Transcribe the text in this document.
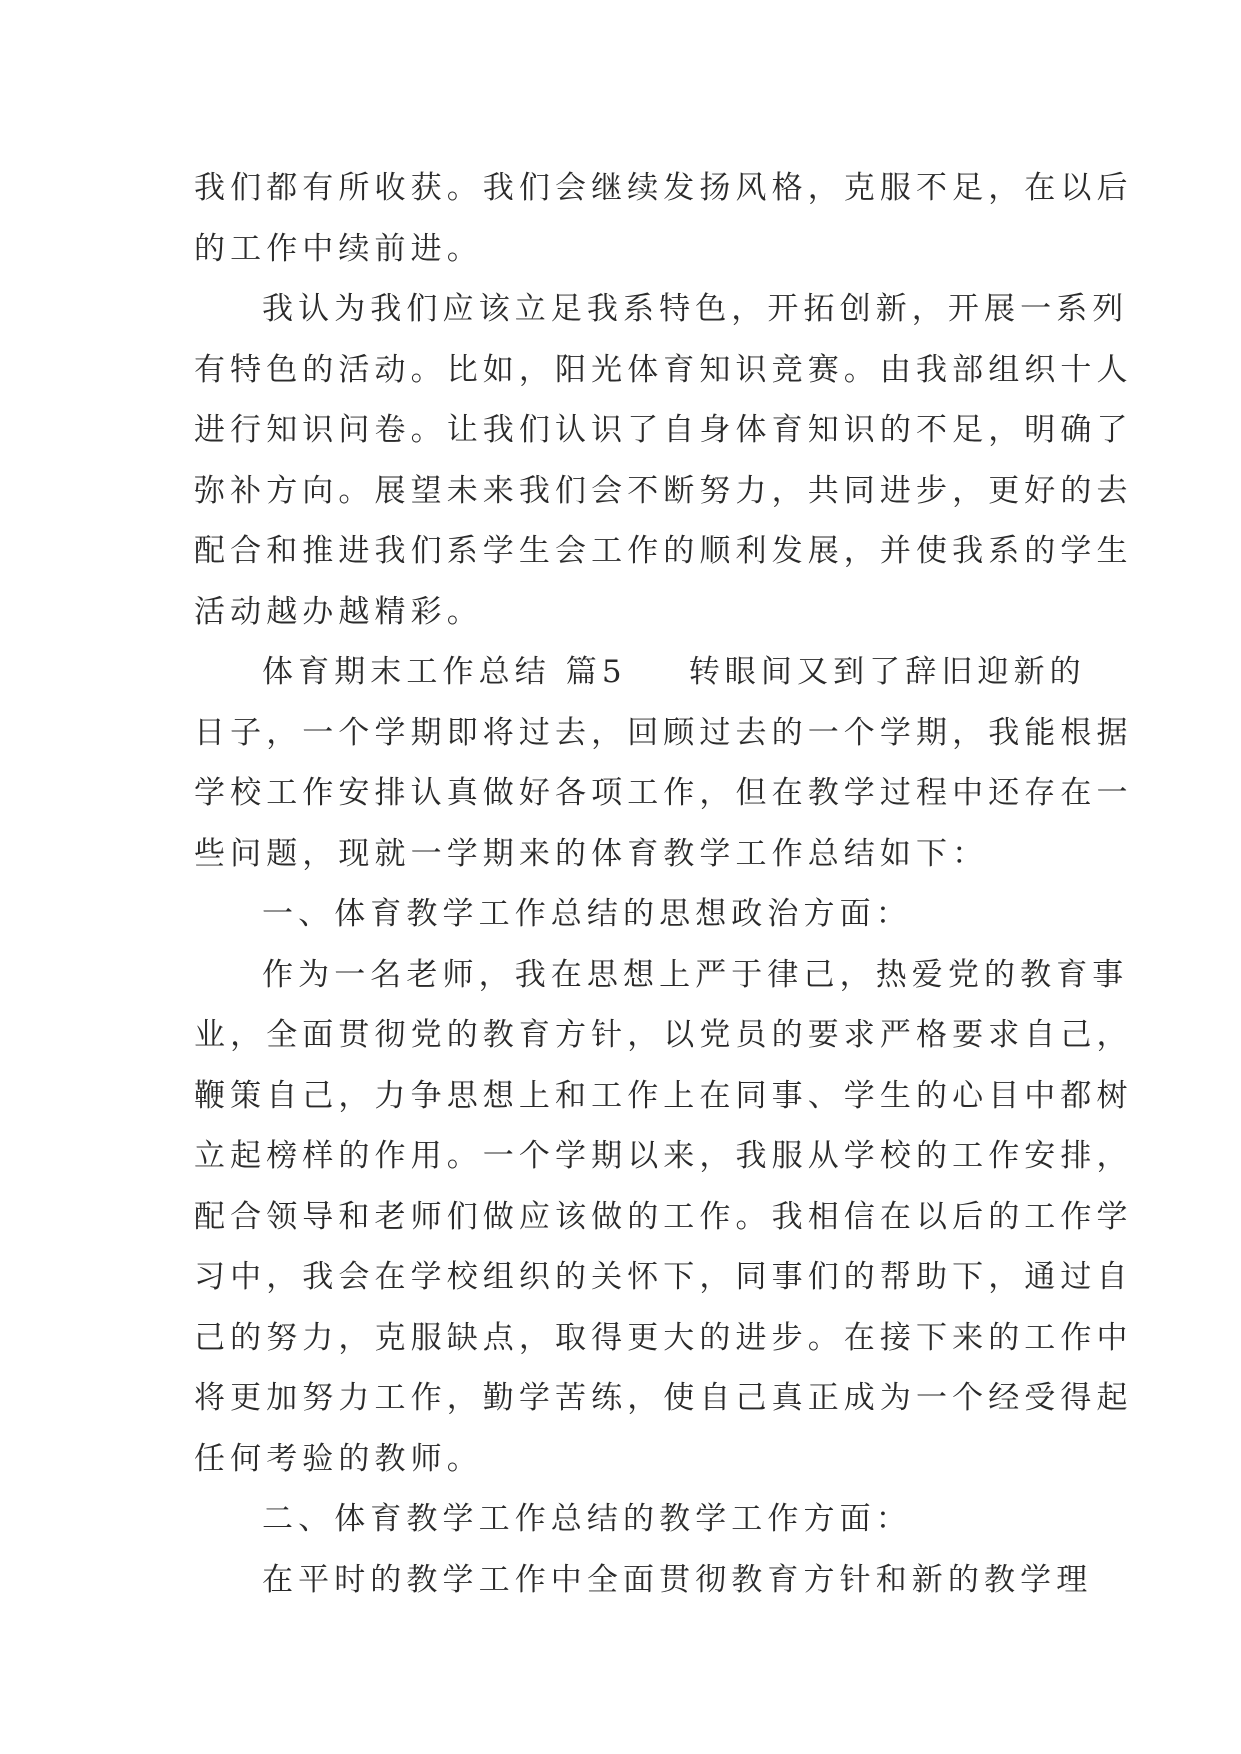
我们都有所收获。我们会继续发扬风格，克服不足，在以后
的工作中续前进。
我认为我们应该立足我系特色，开拓创新，开展一系列
有特色的活动。比如，阳光体育知识竞赛。由我部组织十人
进行知识问卷。让我们认识了自身体育知识的不足，明确了
弥补方向。展望未来我们会不断努力，共同进步，更好的去
配合和推进我们系学生会工作的顺利发展，并使我系的学生
活动越办越精彩。
体育期末工作总结 篇5 转眼间又到了辞旧迎新的
日子，一个学期即将过去，回顾过去的一个学期，我能根据
学校工作安排认真做好各项工作，但在教学过程中还存在一
些问题，现就一学期来的体育教学工作总结如下：
一、体育教学工作总结的思想政治方面：
作为一名老师，我在思想上严于律己，热爱党的教育事
业，全面贯彻党的教育方针，以党员的要求严格要求自己，
鞭策自己，力争思想上和工作上在同事、学生的心目中都树
立起榜样的作用。一个学期以来，我服从学校的工作安排，
配合领导和老师们做应该做的工作。我相信在以后的工作学
习中，我会在学校组织的关怀下，同事们的帮助下，通过自
己的努力，克服缺点，取得更大的进步。在接下来的工作中
将更加努力工作，勤学苦练，使自己真正成为一个经受得起
任何考验的教师。
二、体育教学工作总结的教学工作方面：
在平时的教学工作中全面贯彻教育方针和新的教学理
